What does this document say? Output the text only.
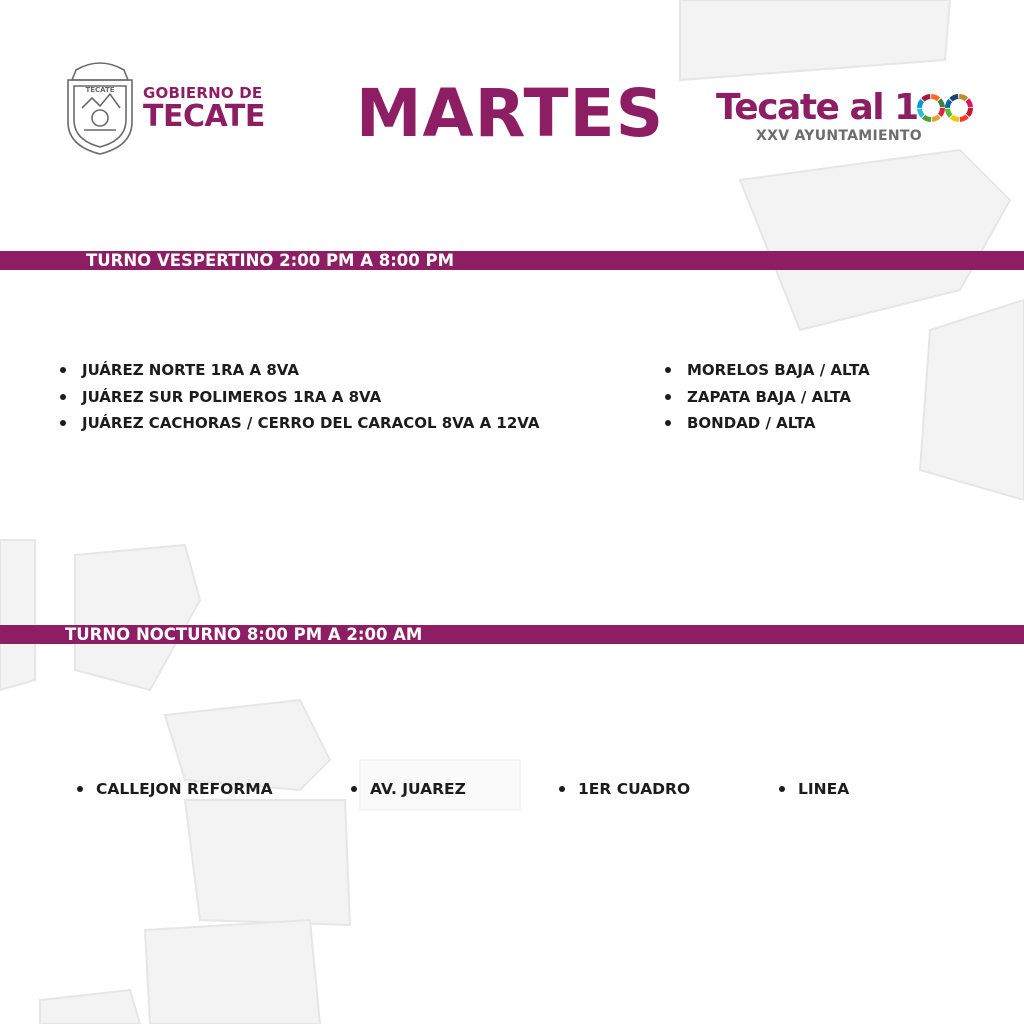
TECATE GOBIERNO DE
TECATE MARTES	Tecate al 1
XXV AYUNTAMIENTO
TURNO VESPERTINO 2:00 PM A 8:00 PM
JUÁREZ NORTE 1RA A 8VA
JUÁREZ SUR POLIMEROS 1RA A 8VA
JUÁREZ CACHORAS / CERRO DEL CARACOL 8VA A 12VA
MORELOS BAJA / ALTA
ZAPATA BAJA / ALTA
BONDAD / ALTA
TURNO NOCTURNO 8:00 PM A 2:00 AM
CALLEJON REFORMA	AV. JUAREZ	1ER CUADRO	LINEA
